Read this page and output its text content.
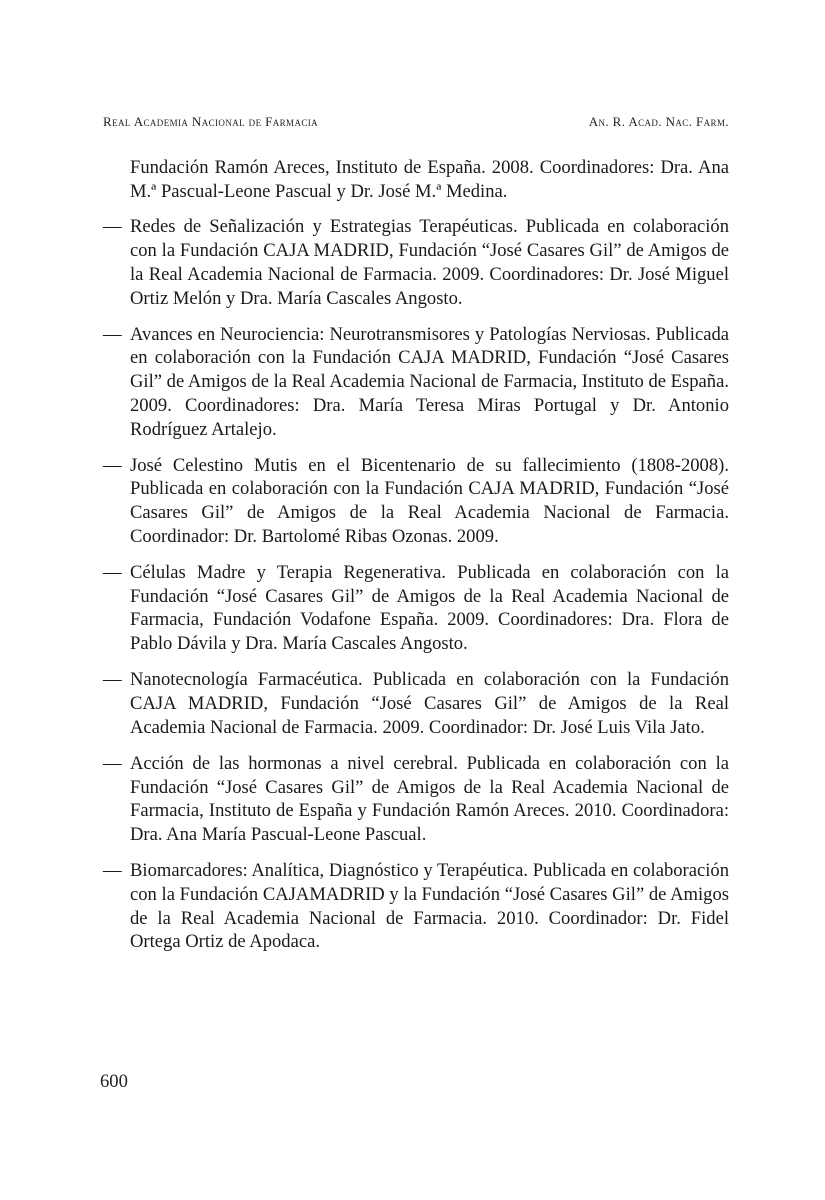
Real Academia Nacional de Farmacia	An. R. Acad. Nac. Farm.
Fundación Ramón Areces, Instituto de España. 2008. Coordinadores: Dra. Ana M.ª Pascual-Leone Pascual y Dr. José M.ª Medina.
— Redes de Señalización y Estrategias Terapéuticas. Publicada en colaboración con la Fundación CAJA MADRID, Fundación “José Casares Gil” de Amigos de la Real Academia Nacional de Farmacia. 2009. Coordinadores: Dr. José Miguel Ortiz Melón y Dra. María Cascales Angosto.
— Avances en Neurociencia: Neurotransmisores y Patologías Nerviosas. Publicada en colaboración con la Fundación CAJA MADRID, Fundación “José Casares Gil” de Amigos de la Real Academia Nacional de Farmacia, Instituto de España. 2009. Coordinadores: Dra. María Teresa Miras Portugal y Dr. Antonio Rodríguez Artalejo.
— José Celestino Mutis en el Bicentenario de su fallecimiento (1808-2008). Publicada en colaboración con la Fundación CAJA MADRID, Fundación “José Casares Gil” de Amigos de la Real Academia Nacional de Farmacia. Coordinador: Dr. Bartolomé Ribas Ozonas. 2009.
— Células Madre y Terapia Regenerativa. Publicada en colaboración con la Fundación “José Casares Gil” de Amigos de la Real Academia Nacional de Farmacia, Fundación Vodafone España. 2009. Coordinadores: Dra. Flora de Pablo Dávila y Dra. María Cascales Angosto.
— Nanotecnología Farmacéutica. Publicada en colaboración con la Fundación CAJA MADRID, Fundación “José Casares Gil” de Amigos de la Real Academia Nacional de Farmacia. 2009. Coordinador: Dr. José Luis Vila Jato.
— Acción de las hormonas a nivel cerebral. Publicada en colaboración con la Fundación “José Casares Gil” de Amigos de la Real Academia Nacional de Farmacia, Instituto de España y Fundación Ramón Areces. 2010. Coordinadora: Dra. Ana María Pascual-Leone Pascual.
— Biomarcadores: Analítica, Diagnóstico y Terapéutica. Publicada en colaboración con la Fundación CAJAMADRID y la Fundación “José Casares Gil” de Amigos de la Real Academia Nacional de Farmacia. 2010. Coordinador: Dr. Fidel Ortega Ortiz de Apodaca.
600
